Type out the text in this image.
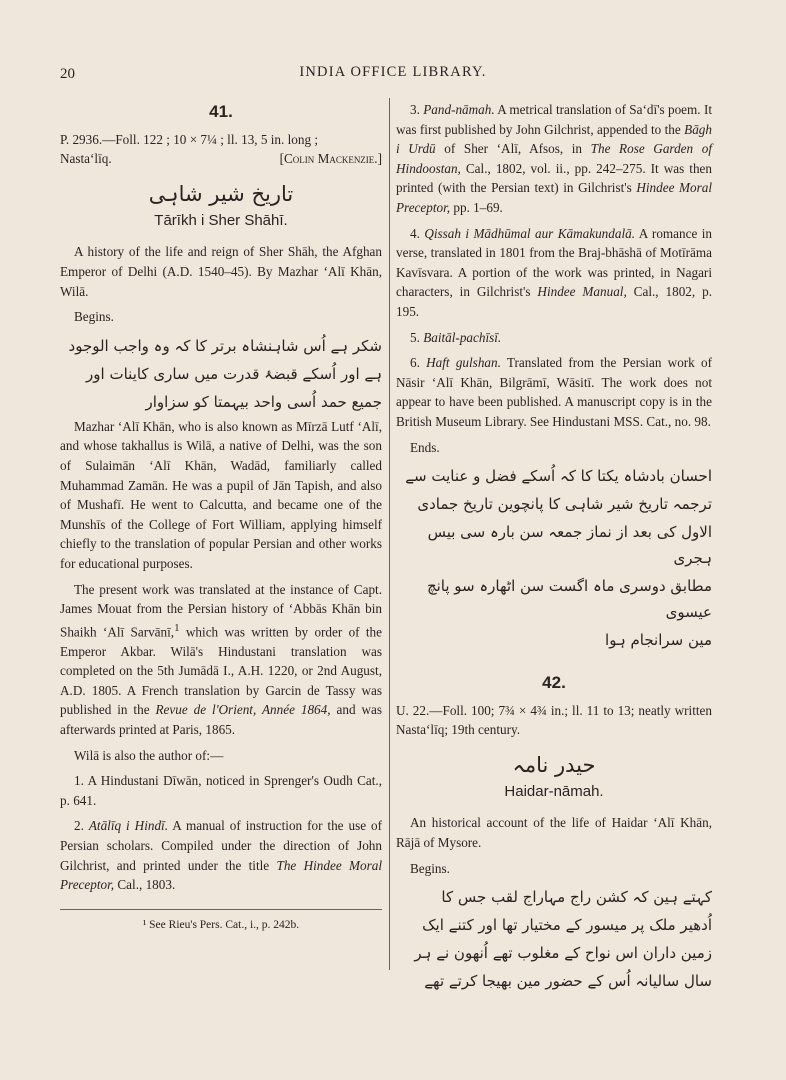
20	INDIA OFFICE LIBRARY.
41.
P. 2936.—Foll. 122 ; 10 × 7¼ ; ll. 13, 5 in. long ;
Nasta‘līq.	[Colin Mackenzie.]
تاریخ شیر شاہی
Tārīkh i Sher Shāhī.

A history of the life and reign of Sher Shāh, the Afghan Emperor of Delhi (A.D. 1540–45). By Mazhar ‘Alī Khān, Wilā.

Begins.

شکر ہے اُس شاہنشاہ برتر کا کہ وہ واجب الوجود
ہے اور اُسکے قبضۂ قدرت میں ساری کاینات اور
جمیع حمد اُسی واحد بیہمتا کو سزاوار

Mazhar ‘Alī Khān, who is also known as Mīrzā Lutf ‘Alī, and whose takhallus is Wilā, a native of Delhi, was the son of Sulaimān ‘Alī Khān, Wadād, familiarly called Muhammad Zamān. He was a pupil of Jān Tapish, and also of Mushafī. He went to Calcutta, and became one of the Munshīs of the College of Fort William, applying himself chiefly to the translation of popular Persian and other works for educational purposes.

The present work was translated at the instance of Capt. James Mouat from the Persian history of ‘Abbās Khān bin Shaikh ‘Alī Sarvānī,$^1$ which was written by order of the Emperor Akbar. Wilā's Hindustani translation was completed on the 5th Jumādā I., A.H. 1220, or 2nd August, A.D. 1805. A French translation by Garcin de Tassy was published in the Revue de l'Orient, Année 1864, and was afterwards printed at Paris, 1865.

Wilā is also the author of:—

1. A Hindustani Dīwān, noticed in Sprenger's Oudh Cat., p. 641.

2. Atālīq i Hindī. A manual of instruction for the use of Persian scholars. Compiled under the direction of John Gilchrist, and printed under the title The Hindee Moral Preceptor, Cal., 1803.

¹ See Rieu's Pers. Cat., i., p. 242b.

3. Pand-nāmah. A metrical translation of Sa‘dī's poem. It was first published by John Gilchrist, appended to the Bāgh i Urdū of Sher ‘Alī, Afsos, in The Rose Garden of Hindoostan, Cal., 1802, vol. ii., pp. 242–275. It was then printed (with the Persian text) in Gilchrist's Hindee Moral Preceptor, pp. 1–69.

4. Qissah i Mādhūmal aur Kāmakundalā. A romance in verse, translated in 1801 from the Braj-bhāshā of Motīrāma Kavīsvara. A portion of the work was printed, in Nagari characters, in Gilchrist's Hindee Manual, Cal., 1802, p. 195.

5. Baitāl-pachīsī.

6. Haft gulshan. Translated from the Persian work of Nāsir ‘Alī Khān, Bilgrāmī, Wāsitī. The work does not appear to have been published. A manuscript copy is in the British Museum Library. See Hindustani MSS. Cat., no. 98.

Ends.

احسان بادشاہ یکتا کا کہ اُسکے فضل و عنایت سے
ترجمہ تاریخ شیر شاہی کا پانچوین تاریخ جمادی
الاول کی بعد از نماز جمعہ سن بارہ سی بیس ہجری
مطابق دوسری ماہ اگست سن اٹھارہ سو پانچ عیسوی
مین سرانجام ہوا
42.
U. 22.—Foll. 100; 7¾ × 4¾ in.; ll. 11 to 13; neatly written Nasta‘līq; 19th century.
حیدر نامہ
Haidar-nāmah.

An historical account of the life of Haidar ‘Alī Khān, Rājā of Mysore.

Begins.

کہتے ہین کہ کشن راج مہاراج لقب جس کا
اُدھیر ملک پر میسور کے مختیار تھا اور کتنے ایک
زمین داران اس نواح کے مغلوب تھے اُنھون نے ہر
سال سالیانہ اُس کے حضور مین بھیجا کرتے تھے
